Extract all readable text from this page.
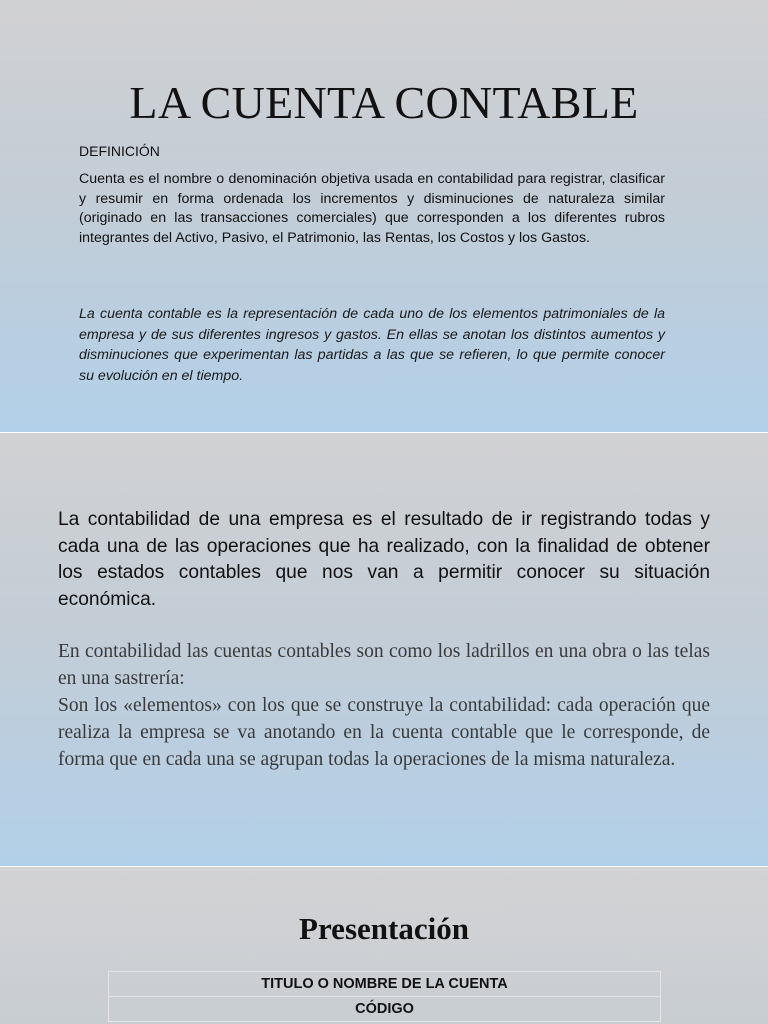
LA CUENTA CONTABLE
DEFINICIÓN
Cuenta es el nombre o denominación objetiva usada en contabilidad para registrar, clasificar y resumir en forma ordenada los incrementos y disminuciones de naturaleza similar (originado en las transacciones comerciales) que corresponden a los diferentes rubros integrantes del Activo, Pasivo, el Patrimonio, las Rentas, los Costos y los Gastos.
La cuenta contable es la representación de cada uno de los elementos patrimoniales de la empresa y de sus diferentes ingresos y gastos. En ellas se anotan los distintos aumentos y disminuciones que experimentan las partidas a las que se refieren, lo que permite conocer su evolución en el tiempo.
La contabilidad de una empresa es el resultado de ir registrando todas y cada una de las operaciones que ha realizado, con la finalidad de obtener los estados contables que nos van a permitir conocer su situación económica.

En contabilidad las cuentas contables son como los ladrillos en una obra o las telas en una sastrería:

Son los «elementos» con los que se construye la contabilidad: cada operación que realiza la empresa se va anotando en la cuenta contable que le corresponde, de forma que en cada una se agrupan todas la operaciones de la misma naturaleza.

Presentación
TITULO O NOMBRE DE LA CUENTA
CÓDIGO
